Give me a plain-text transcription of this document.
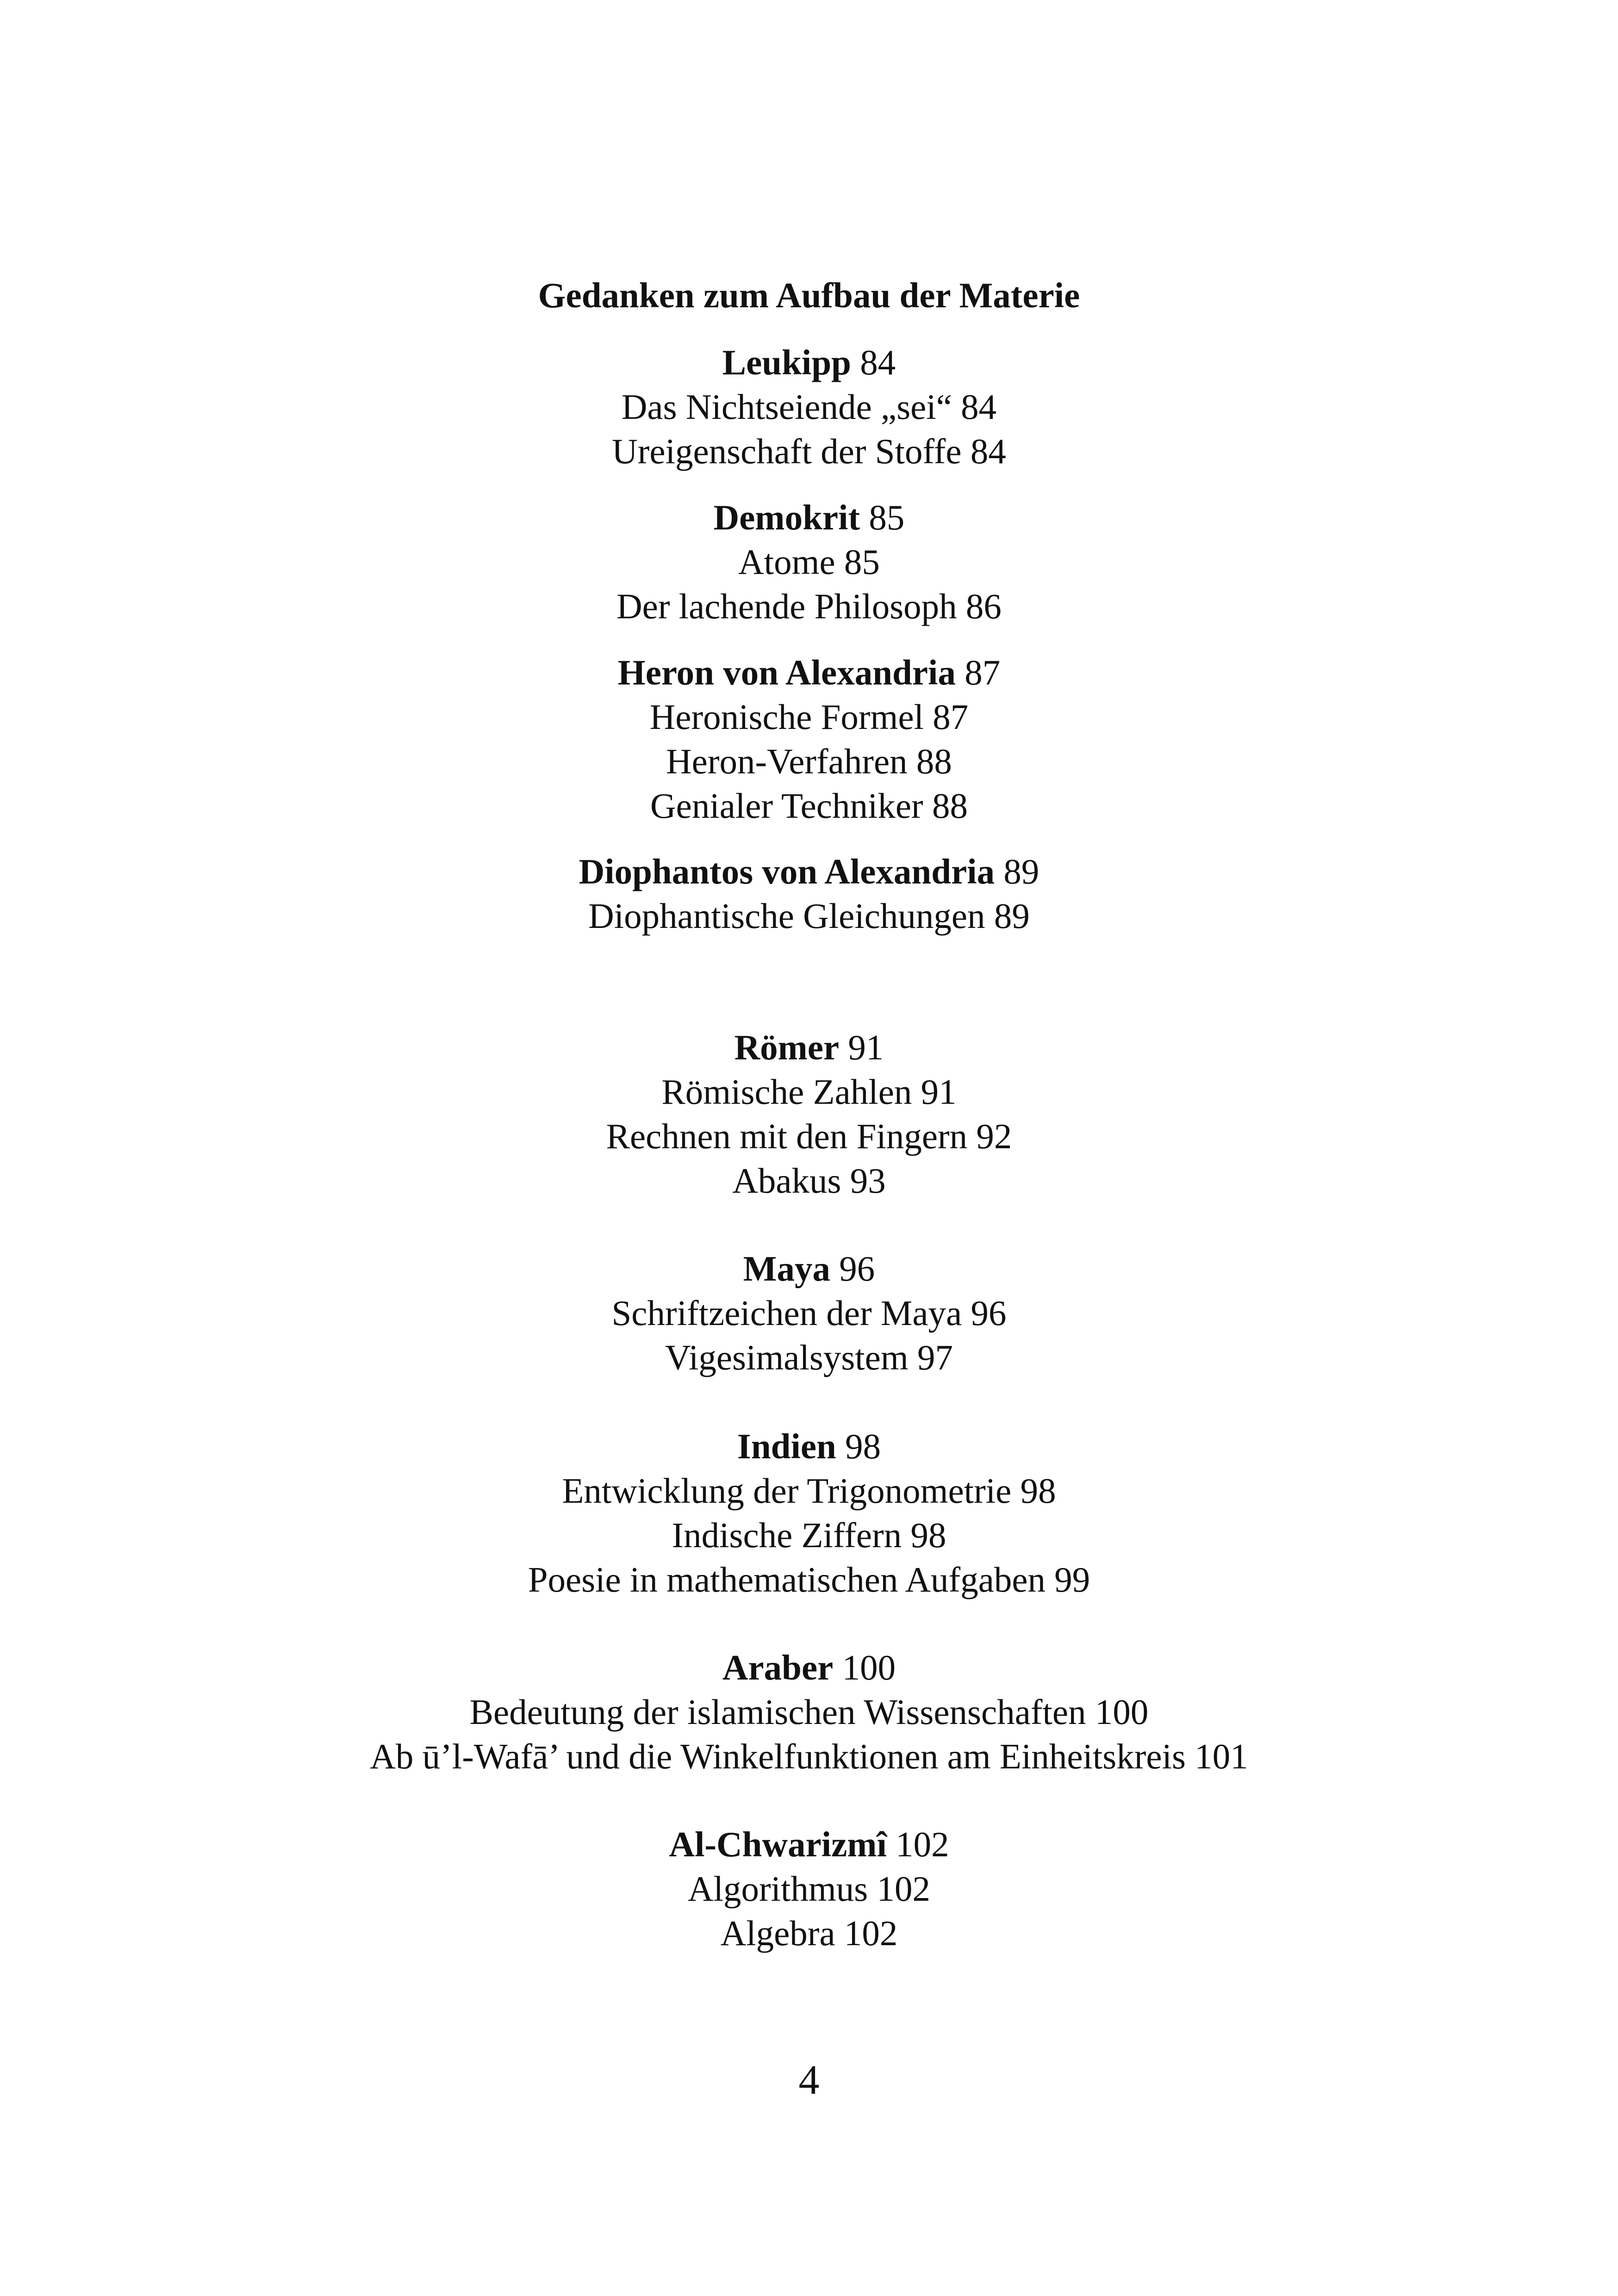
Gedanken zum Aufbau der Materie
Leukipp 84
Das Nichtseiende „sei“ 84
Ureigenschaft der Stoffe 84
Demokrit 85
Atome 85
Der lachende Philosoph 86
Heron von Alexandria 87
Heronische Formel 87
Heron-Verfahren 88
Genialer Techniker 88
Diophantos von Alexandria 89
Diophantische Gleichungen 89
Römer 91
Römische Zahlen 91
Rechnen mit den Fingern 92
Abakus 93
Maya 96
Schriftzeichen der Maya 96
Vigesimalsystem 97
Indien 98
Entwicklung der Trigonometrie 98
Indische Ziffern 98
Poesie in mathematischen Aufgaben 99
Araber 100
Bedeutung der islamischen Wissenschaften 100
Ab ū’l-Wafā’ und die Winkelfunktionen am Einheitskreis 101
Al-Chwarizmî 102
Algorithmus 102
Algebra 102
4
